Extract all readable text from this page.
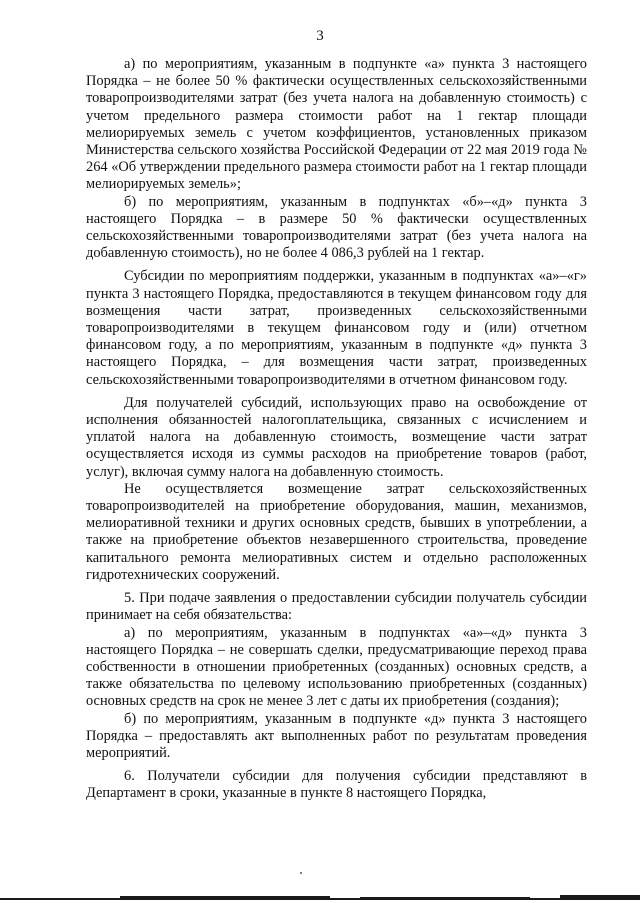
3

а) по мероприятиям, указанным в подпункте «а» пункта 3 настоящего Порядка – не более 50 % фактически осуществленных сельскохозяйственными товаропроизводителями затрат (без учета налога на добавленную стоимость) с учетом предельного размера стоимости работ на 1 гектар площади мелиорируемых земель с учетом коэффициентов, установленных приказом Министерства сельского хозяйства Российской Федерации от 22 мая 2019 года № 264 «Об утверждении предельного размера стоимости работ на 1 гектар площади мелиорируемых земель»;

б) по мероприятиям, указанным в подпунктах «б»–«д» пункта 3 настоящего Порядка – в размере 50 % фактически осуществленных сельскохозяйственными товаропроизводителями затрат (без учета налога на добавленную стоимость), но не более 4 086,3 рублей на 1 гектар.

Субсидии по мероприятиям поддержки, указанным в подпунктах «а»–«г» пункта 3 настоящего Порядка, предоставляются в текущем финансовом году для возмещения части затрат, произведенных сельскохозяйственными товаропроизводителями в текущем финансовом году и (или) отчетном финансовом году, а по мероприятиям, указанным в подпункте «д» пункта 3 настоящего Порядка, – для возмещения части затрат, произведенных сельскохозяйственными товаропроизводителями в отчетном финансовом году.

Для получателей субсидий, использующих право на освобождение от исполнения обязанностей налогоплательщика, связанных с исчислением и уплатой налога на добавленную стоимость, возмещение части затрат осуществляется исходя из суммы расходов на приобретение товаров (работ, услуг), включая сумму налога на добавленную стоимость.

Не осуществляется возмещение затрат сельскохозяйственных товаропроизводителей на приобретение оборудования, машин, механизмов, мелиоративной техники и других основных средств, бывших в употреблении, а также на приобретение объектов незавершенного строительства, проведение капитального ремонта мелиоративных систем и отдельно расположенных гидротехнических сооружений.

5. При подаче заявления о предоставлении субсидии получатель субсидии принимает на себя обязательства:

а) по мероприятиям, указанным в подпунктах «а»–«д» пункта 3 настоящего Порядка – не совершать сделки, предусматривающие переход права собственности в отношении приобретенных (созданных) основных средств, а также обязательства по целевому использованию приобретенных (созданных) основных средств на срок не менее 3 лет с даты их приобретения (создания);

б) по мероприятиям, указанным в подпункте «д» пункта 3 настоящего Порядка – предоставлять акт выполненных работ по результатам проведения мероприятий.

6. Получатели субсидии для получения субсидии представляют в Департамент в сроки, указанные в пункте 8 настоящего Порядка,
